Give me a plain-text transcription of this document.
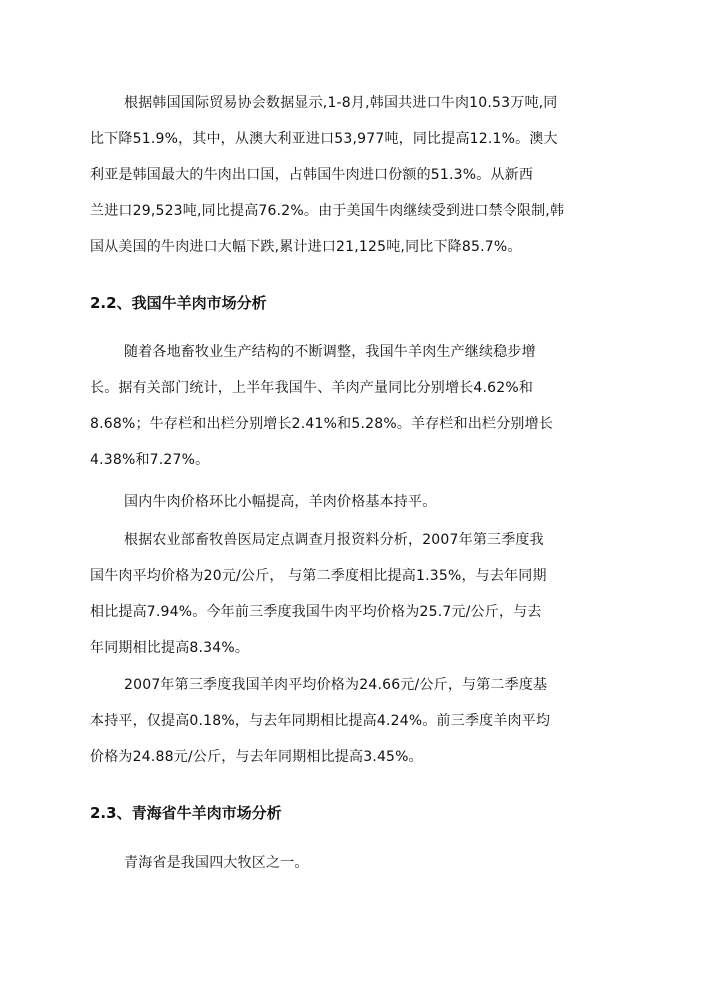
根据韩国国际贸易协会数据显示,1-8月,韩国共进口牛肉10.53万吨,同
比下降51.9%，其中，从澳大利亚进口53,977吨，同比提高12.1%。澳大
利亚是韩国最大的牛肉出口国，占韩国牛肉进口份额的51.3%。从新西
兰进口29,523吨,同比提高76.2%。由于美国牛肉继续受到进口禁令限制,韩
国从美国的牛肉进口大幅下跌,累计进口21,125吨,同比下降85.7%。
2.2、我国牛羊肉市场分析
随着各地畜牧业生产结构的不断调整，我国牛羊肉生产继续稳步增
长。据有关部门统计，上半年我国牛、羊肉产量同比分别增长4.62%和
8.68%；牛存栏和出栏分别增长2.41%和5.28%。羊存栏和出栏分别增长
4.38%和7.27%。
国内牛肉价格环比小幅提高，羊肉价格基本持平。
根据农业部畜牧兽医局定点调查月报资料分析，2007年第三季度我
国牛肉平均价格为20元/公斤， 与第二季度相比提高1.35%，与去年同期
相比提高7.94%。今年前三季度我国牛肉平均价格为25.7元/公斤，与去
年同期相比提高8.34%。
2007年第三季度我国羊肉平均价格为24.66元/公斤，与第二季度基
本持平，仅提高0.18%，与去年同期相比提高4.24%。前三季度羊肉平均
价格为24.88元/公斤，与去年同期相比提高3.45%。
2.3、青海省牛羊肉市场分析
青海省是我国四大牧区之一。
